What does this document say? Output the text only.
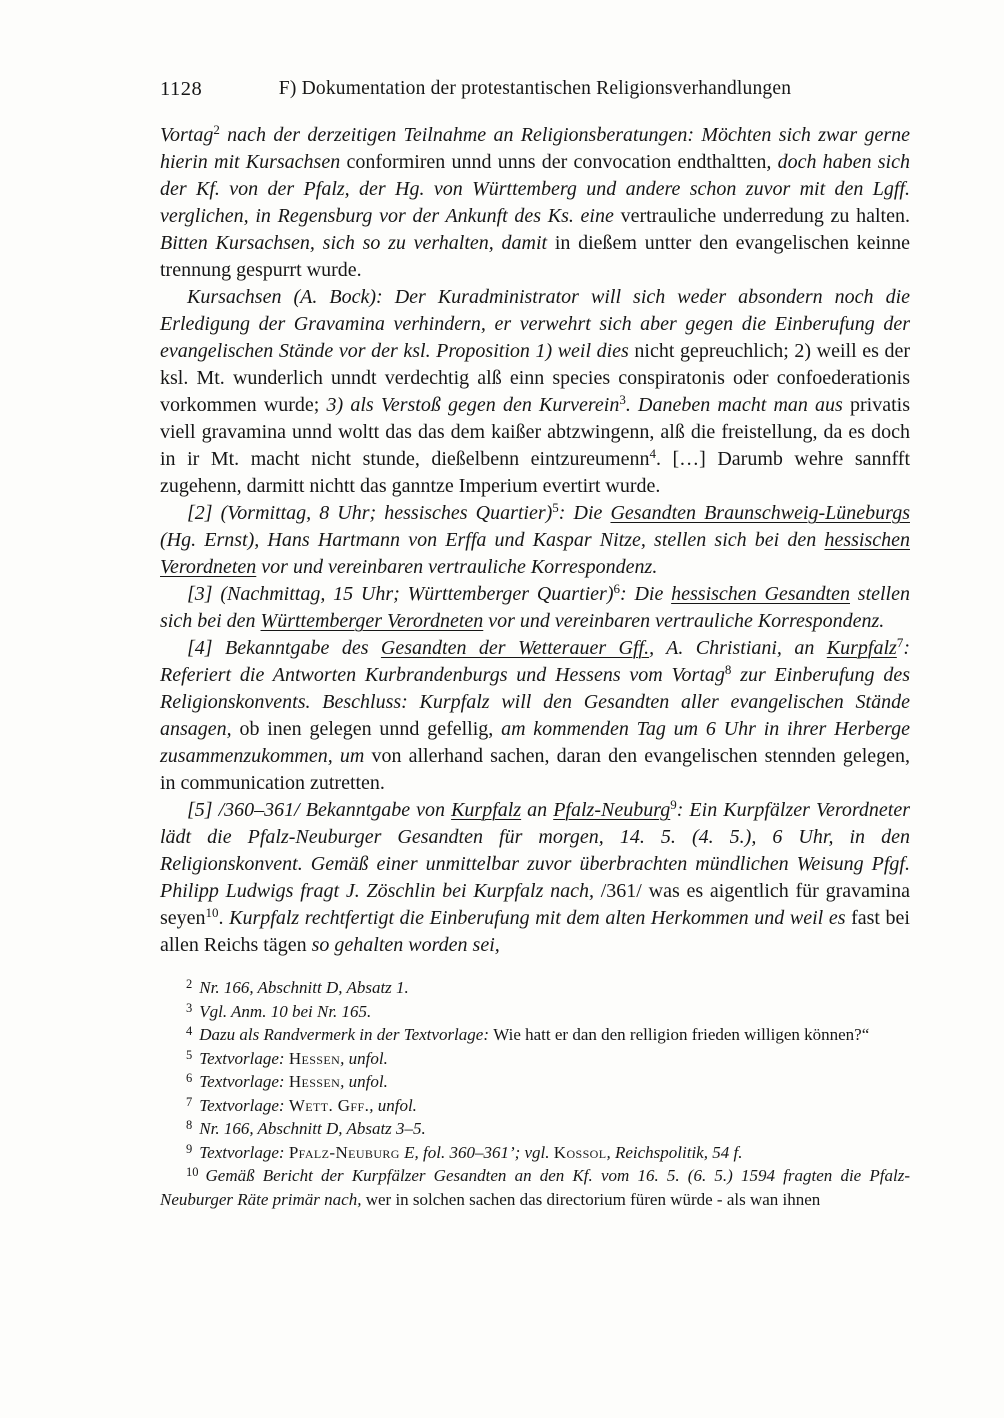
1128	F) Dokumentation der protestantischen Religionsverhandlungen

Vortag$^2$ nach der derzeitigen Teilnahme an Religionsberatungen: Möchten sich zwar gerne hierin mit Kursachsen conformiren unnd unns der convocation endthaltten, doch haben sich der Kf. von der Pfalz, der Hg. von Württemberg und andere schon zuvor mit den Lgff. verglichen, in Regensburg vor der Ankunft des Ks. eine vertrauliche underredung zu halten. Bitten Kursachsen, sich so zu verhalten, damit in dießem untter den evangelischen keinne trennung gespurrt wurde.

Kursachsen (A. Bock): Der Kuradministrator will sich weder absondern noch die Erledigung der Gravamina verhindern, er verwehrt sich aber gegen die Einberufung der evangelischen Stände vor der ksl. Proposition 1) weil dies nicht gepreuchlich; 2) weill es der ksl. Mt. wunderlich unndt verdechtig alß einn species conspiratonis oder confoederationis vorkommen wurde; 3) als Verstoß gegen den Kurverein$^3$. Daneben macht man aus privatis viell gravamina unnd woltt das das dem kaißer abtzwingenn, alß die freistellung, da es doch in ir Mt. macht nicht stunde, dießelbenn eintzureumenn$^4$. […] Darumb wehre sannfft zugehenn, darmitt nichtt das ganntze Imperium evertirt wurde.

[2] (Vormittag, 8 Uhr; hessisches Quartier)$^5$: Die Gesandten Braunschweig-Lüneburgs (Hg. Ernst), Hans Hartmann von Erffa und Kaspar Nitze, stellen sich bei den hessischen Verordneten vor und vereinbaren vertrauliche Korrespondenz.

[3] (Nachmittag, 15 Uhr; Württemberger Quartier)$^6$: Die hessischen Gesandten stellen sich bei den Württemberger Verordneten vor und vereinbaren vertrauliche Korrespondenz.

[4] Bekanntgabe des Gesandten der Wetterauer Gff., A. Christiani, an Kurpfalz$^7$: Referiert die Antworten Kurbrandenburgs und Hessens vom Vortag$^8$ zur Einberufung des Religionskonvents. Beschluss: Kurpfalz will den Gesandten aller evangelischen Stände ansagen, ob inen gelegen unnd gefellig, am kommenden Tag um 6 Uhr in ihrer Herberge zusammenzukommen, um von allerhand sachen, daran den evangelischen stennden gelegen, in communication zutretten.

[5] /360–361/ Bekanntgabe von Kurpfalz an Pfalz-Neuburg$^9$: Ein Kurpfälzer Verordneter lädt die Pfalz-Neuburger Gesandten für morgen, 14. 5. (4. 5.), 6 Uhr, in den Religionskonvent. Gemäß einer unmittelbar zuvor überbrachten mündlichen Weisung Pfgf. Philipp Ludwigs fragt J. Zöschlin bei Kurpfalz nach, /361/ was es aigentlich für gravamina seyen$^{10}$. Kurpfalz rechtfertigt die Einberufung mit dem alten Herkommen und weil es fast bei allen Reichs tägen so gehalten worden sei,

$^2$ Nr. 166, Abschnitt D, Absatz 1.

$^3$ Vgl. Anm. 10 bei Nr. 165.

$^4$ Dazu als Randvermerk in der Textvorlage: Wie hatt er dan den relligion frieden willigen können?“

$^5$ Textvorlage: Hessen, unfol.

$^6$ Textvorlage: Hessen, unfol.

$^7$ Textvorlage: Wett. Gff., unfol.

$^8$ Nr. 166, Abschnitt D, Absatz 3–5.

$^9$ Textvorlage: Pfalz-Neuburg E, fol. 360–361’; vgl. Kossol, Reichspolitik, 54 f.

$^{10}$ Gemäß Bericht der Kurpfälzer Gesandten an den Kf. vom 16. 5. (6. 5.) 1594 fragten die Pfalz-Neuburger Räte primär nach, wer in solchen sachen das directorium füren würde - als wan ihnen
